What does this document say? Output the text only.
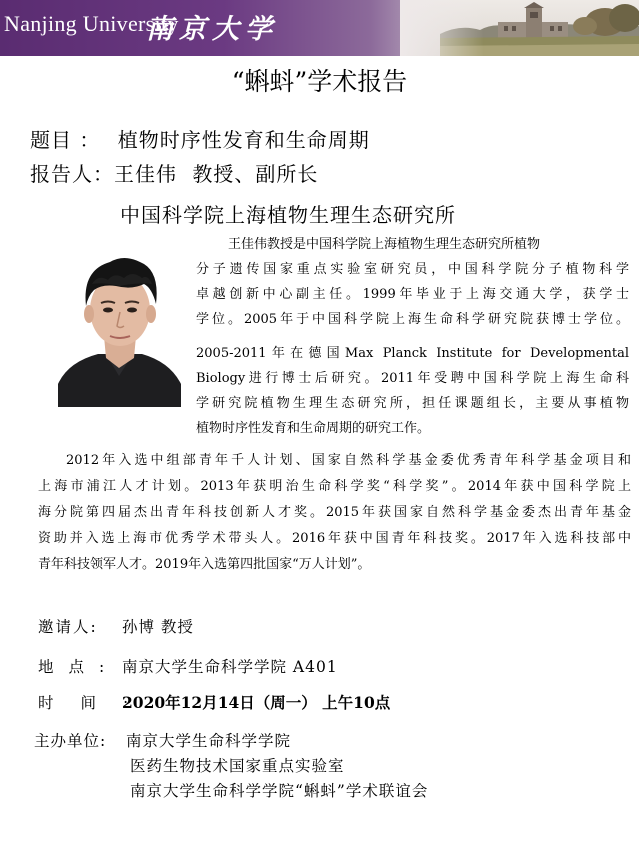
Nanjing University
南京大学
“蝌蚪”学术报告
题目 ： 植物时序性发育和生命周期
报告人：王佳伟 教授、副所长
中国科学院上海植物生理生态研究所
王佳伟教授是中国科学院上海植物生理生态研究所植物
分子遗传国家重点实验室研究员，中国科学院分子植物科学
卓越创新中心副主任。1999年毕业于上海交通大学，获学士
学位。2005年于中国科学院上海生命科学研究院获博士学位。
2005-2011年在德国Max Planck Institute for Developmental
Biology进行博士后研究。2011年受聘中国科学院上海生命科
学研究院植物生理生态研究所，担任课题组长，主要从事植物
植物时序性发育和生命周期的研究工作。
2012年入选中组部青年千人计划、国家自然科学基金委优秀青年科学基金项目和
上海市浦江人才计划。2013年获明治生命科学奖“科学奖”。2014年获中国科学院上
海分院第四届杰出青年科技创新人才奖。2015年获国家自然科学基金委杰出青年基金
资助并入选上海市优秀学术带头人。2016年获中国青年科技奖。2017年入选科技部中
青年科技领军人才。2019年入选第四批国家“万人计划”。
邀请人: 孙博 教授
地点: 南京大学生命科学学院 A401
时间:
2020年12月14日（周一） 上午10点
主办单位: 南京大学生命科学学院
医药生物技术国家重点实验室
南京大学生命科学学院“蝌蚪”学术联谊会
